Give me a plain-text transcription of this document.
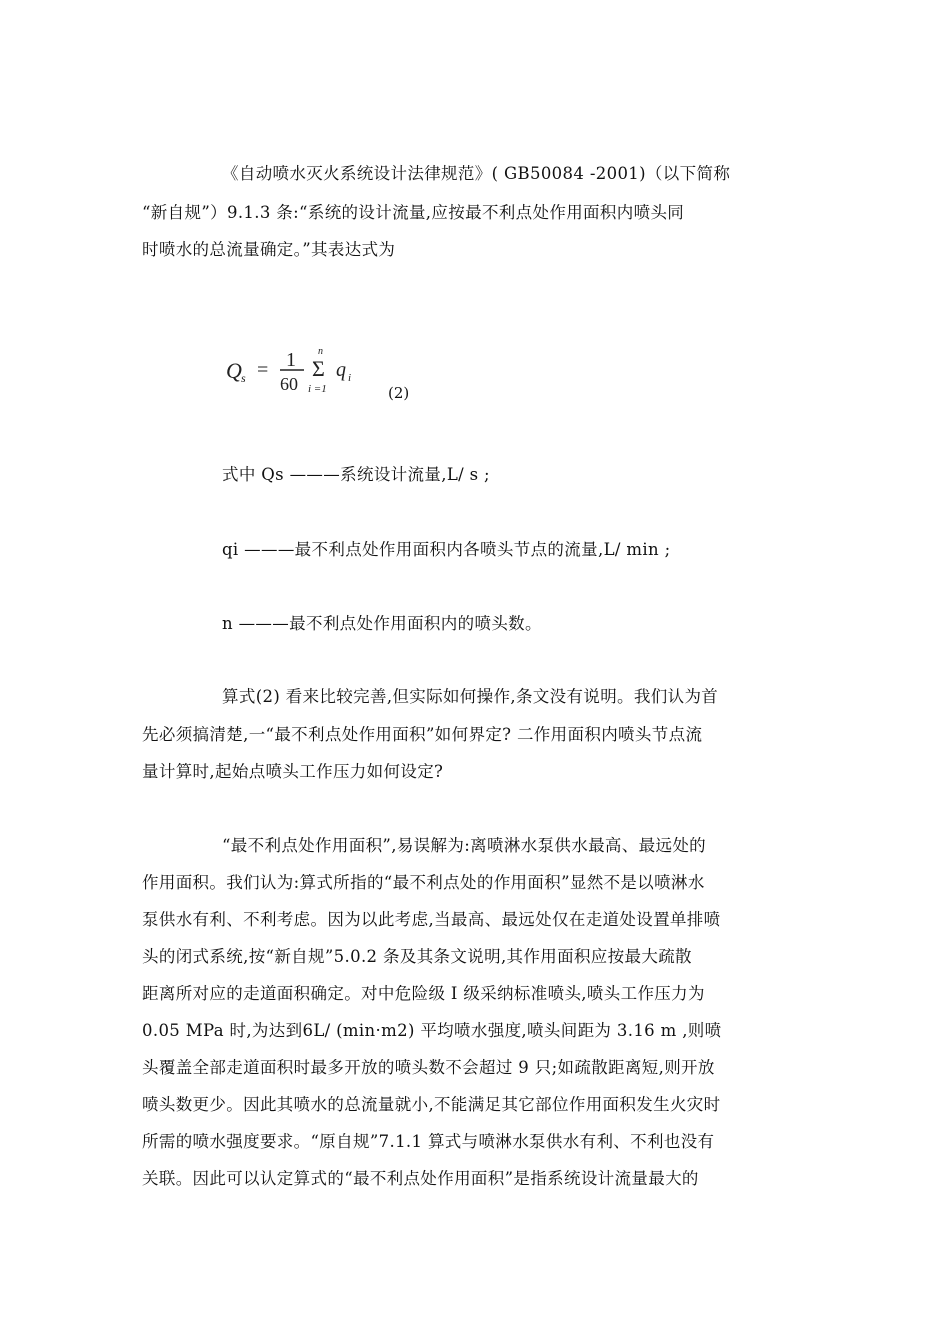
《自动喷水灭火系统设计法律规范》( GB50084 -2001)（以下简称
“新自规”）9.1.3 条:“系统的设计流量,应按最不利点处作用面积内喷头同
时喷水的总流量确定。”其表达式为
Q s = 1
60
n
Σ
i =1
q i
(2)
式中 Qs ———系统设计流量,L/ s ;
qi ———最不利点处作用面积内各喷头节点的流量,L/ min ;
n ———最不利点处作用面积内的喷头数。
算式(2) 看来比较完善,但实际如何操作,条文没有说明。我们认为首
先必须搞清楚,一“最不利点处作用面积”如何界定? 二作用面积内喷头节点流
量计算时,起始点喷头工作压力如何设定?
“最不利点处作用面积”,易误解为:离喷淋水泵供水最高、最远处的
作用面积。我们认为:算式所指的“最不利点处的作用面积”显然不是以喷淋水
泵供水有利、不利考虑。因为以此考虑,当最高、最远处仅在走道处设置单排喷
头的闭式系统,按“新自规”5.0.2 条及其条文说明,其作用面积应按最大疏散
距离所对应的走道面积确定。对中危险级 I 级采纳标准喷头,喷头工作压力为
0.05 MPa 时,为达到6L/ (min·m2) 平均喷水强度,喷头间距为 3.16 m ,则喷
头覆盖全部走道面积时最多开放的喷头数不会超过 9 只;如疏散距离短,则开放
喷头数更少。因此其喷水的总流量就小,不能满足其它部位作用面积发生火灾时
所需的喷水强度要求。“原自规”7.1.1 算式与喷淋水泵供水有利、不利也没有
关联。因此可以认定算式的“最不利点处作用面积”是指系统设计流量最大的
